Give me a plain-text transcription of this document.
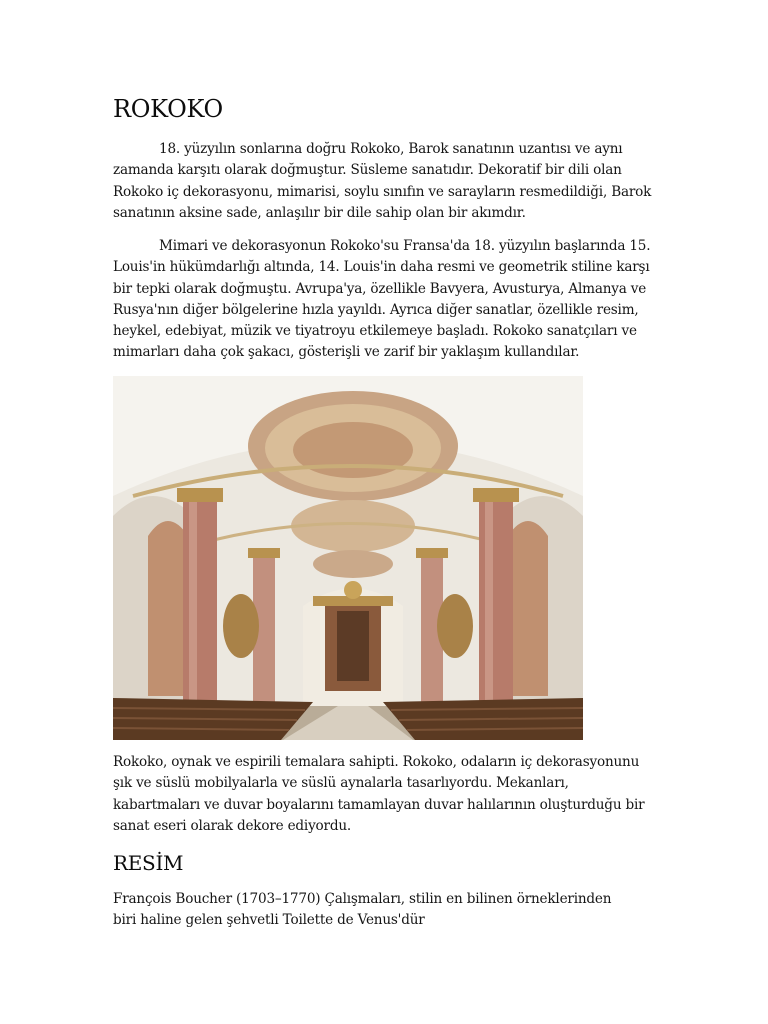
ROKOKO

18. yüzyılın sonlarına doğru Rokoko, Barok sanatının uzantısı ve aynı zamanda karşıtı olarak doğmuştur. Süsleme sanatıdır. Dekoratif bir dili olan Rokoko iç dekorasyonu, mimarisi, soylu sınıfın ve sarayların resmedildiği, Barok sanatının aksine sade, anlaşılır bir dile sahip olan bir akımdır.

Mimari ve dekorasyonun Rokoko'su Fransa'da 18. yüzyılın başlarında 15. Louis'in hükümdarlığı altında, 14. Louis'in daha resmi ve geometrik stiline karşı bir tepki olarak doğmuştu. Avrupa'ya, özellikle Bavyera, Avusturya, Almanya ve Rusya'nın diğer bölgelerine hızla yayıldı. Ayrıca diğer sanatlar, özellikle resim, heykel, edebiyat, müzik ve tiyatroyu etkilemeye başladı. Rokoko sanatçıları ve mimarları daha çok şakacı, gösterişli ve zarif bir yaklaşım kullandılar.

Rokoko, oynak ve espirili temalara sahipti. Rokoko, odaların iç dekorasyonunu şık ve süslü mobilyalarla ve süslü aynalarla tasarlıyordu. Mekanları, kabartmaları ve duvar boyalarını tamamlayan duvar halılarının oluşturduğu bir sanat eseri olarak dekore ediyordu.

RESİM

François Boucher (1703–1770) Çalışmaları, stilin en bilinen örneklerinden biri haline gelen şehvetli Toilette de Venus'dür
